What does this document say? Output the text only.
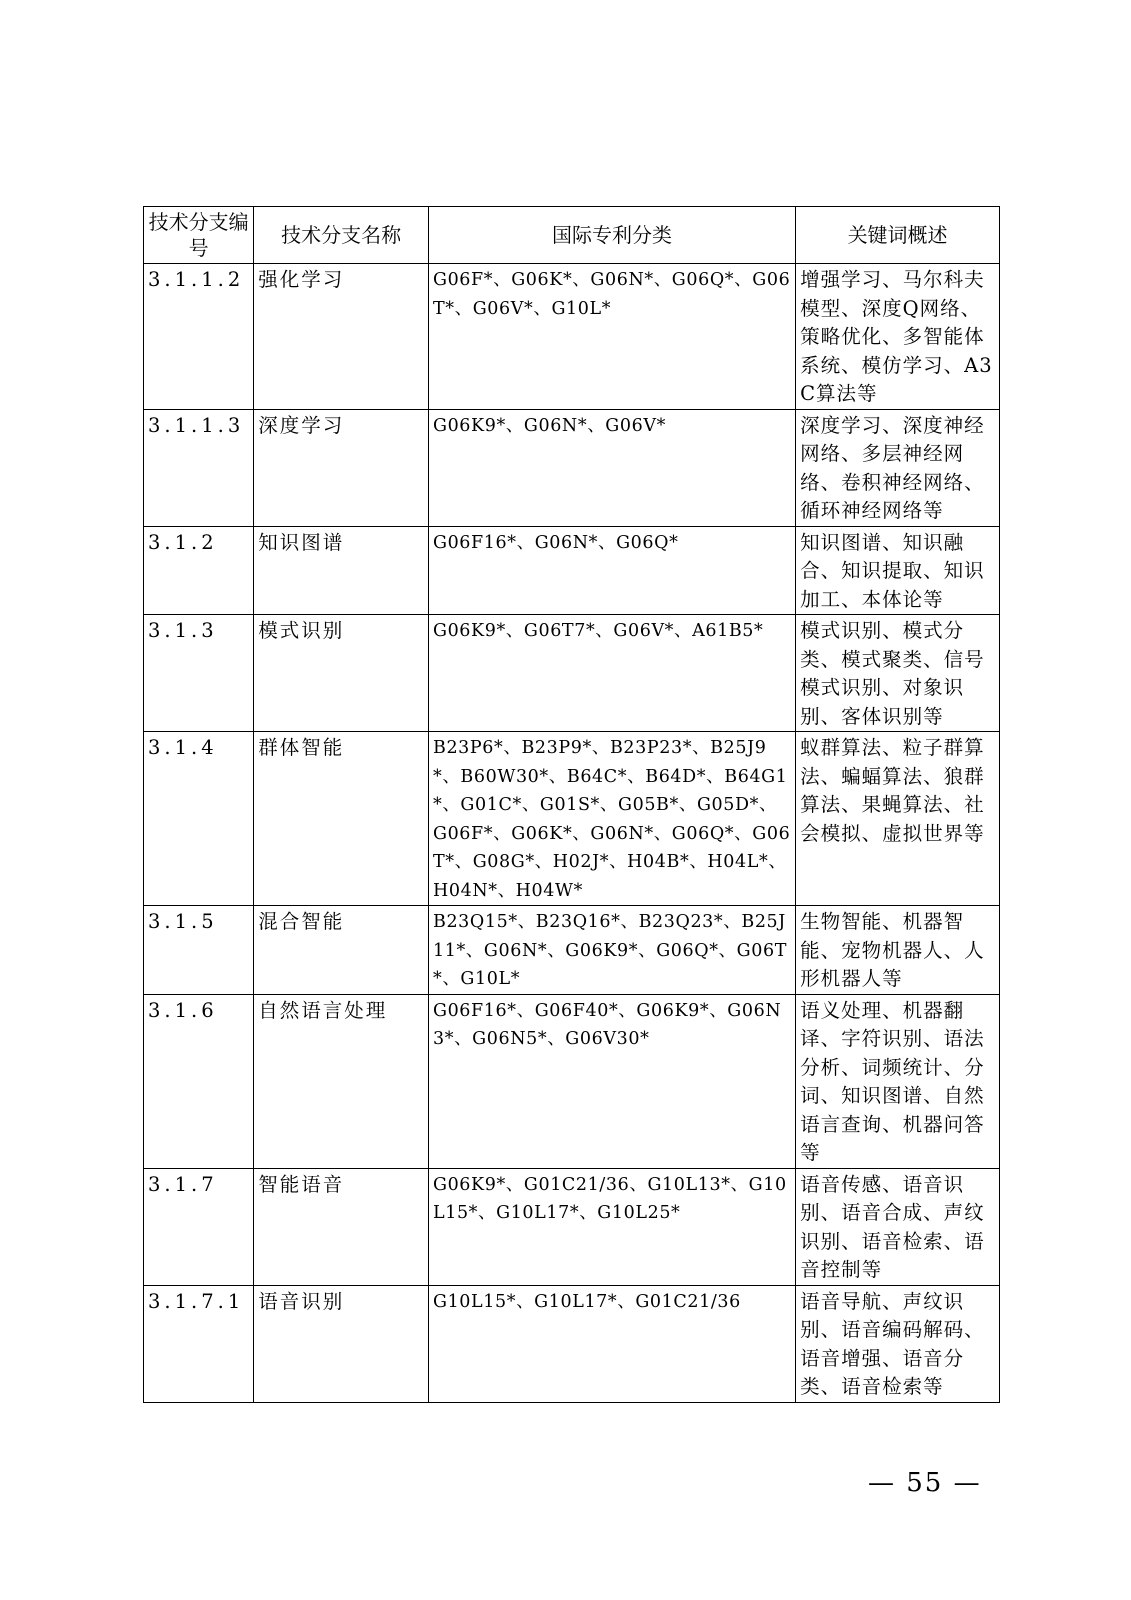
技术分支编号	技术分支名称	国际专利分类	关键词概述
3.1.1.2	强化学习	G06F*、G06K*、G06N*、G06Q*、G06T*、G06V*、G10L*	增强学习、马尔科夫模型、深度Q网络、策略优化、多智能体系统、模仿学习、A3C算法等
3.1.1.3	深度学习	G06K9*、G06N*、G06V*	深度学习、深度神经网络、多层神经网络、卷积神经网络、循环神经网络等
3.1.2	知识图谱	G06F16*、G06N*、G06Q*	知识图谱、知识融合、知识提取、知识加工、本体论等
3.1.3	模式识别	G06K9*、G06T7*、G06V*、A61B5*	模式识别、模式分类、模式聚类、信号模式识别、对象识别、客体识别等
3.1.4	群体智能	B23P6*、B23P9*、B23P23*、B25J9*、B60W30*、B64C*、B64D*、B64G1*、G01C*、G01S*、G05B*、G05D*、G06F*、G06K*、G06N*、G06Q*、G06T*、G08G*、H02J*、H04B*、H04L*、H04N*、H04W*	蚁群算法、粒子群算法、蝙蝠算法、狼群算法、果蝇算法、社会模拟、虚拟世界等
3.1.5	混合智能	B23Q15*、B23Q16*、B23Q23*、B25J11*、G06N*、G06K9*、G06Q*、G06T*、G10L*	生物智能、机器智能、宠物机器人、人形机器人等
3.1.6	自然语言处理	G06F16*、G06F40*、G06K9*、G06N3*、G06N5*、G06V30*	语义处理、机器翻译、字符识别、语法分析、词频统计、分词、知识图谱、自然语言查询、机器问答等
3.1.7	智能语音	G06K9*、G01C21/36、G10L13*、G10L15*、G10L17*、G10L25*	语音传感、语音识别、语音合成、声纹识别、语音检索、语音控制等
3.1.7.1	语音识别	G10L15*、G10L17*、G01C21/36	语音导航、声纹识别、语音编码解码、语音增强、语音分类、语音检索等
— 55 —
